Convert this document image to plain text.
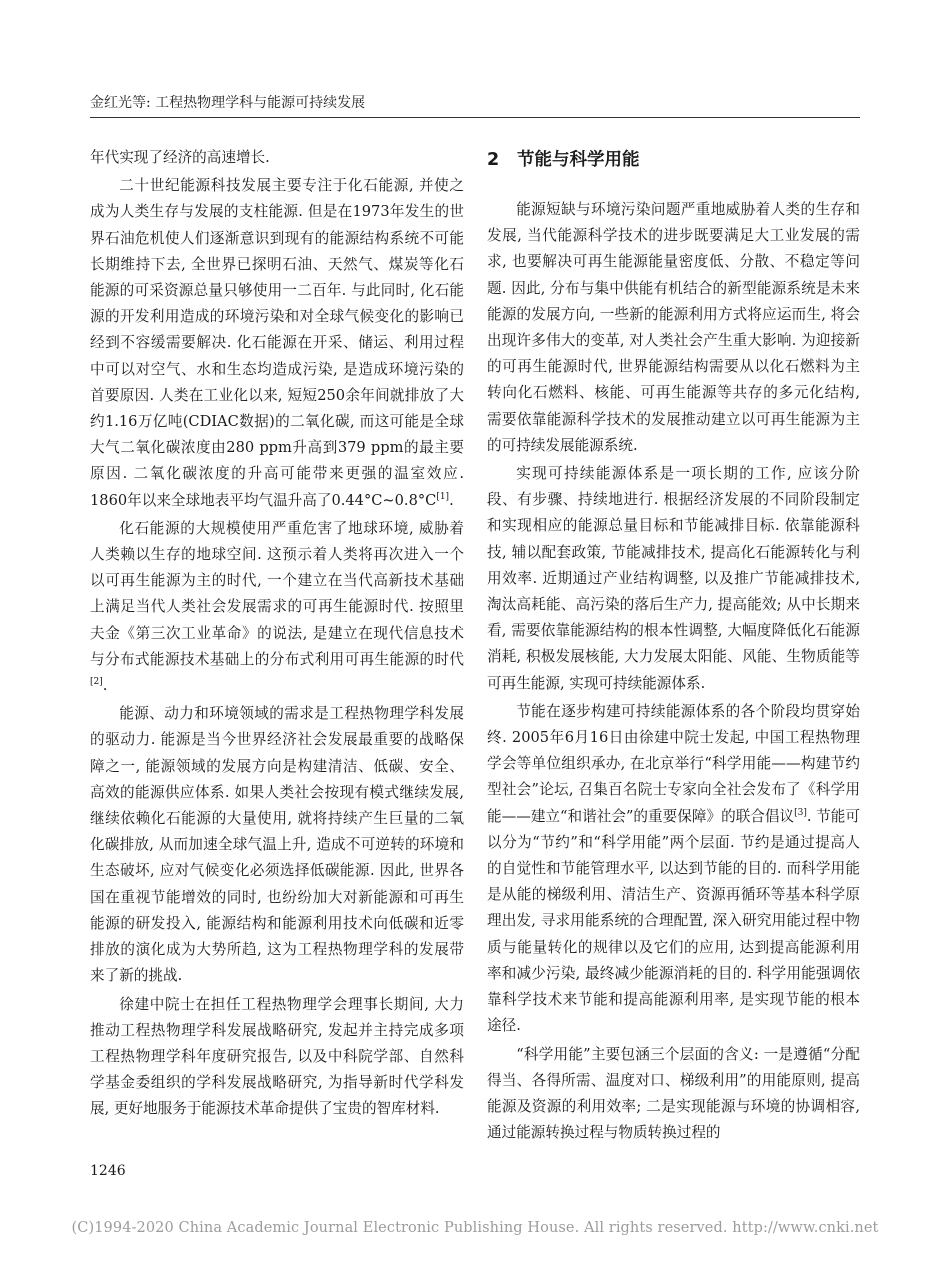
金红光等: 工程热物理学科与能源可持续发展

年代实现了经济的高速增长.

二十世纪能源科技发展主要专注于化石能源, 并使之成为人类生存与发展的支柱能源. 但是在1973年发生的世界石油危机使人们逐渐意识到现有的能源结构系统不可能长期维持下去, 全世界已探明石油、天然气、煤炭等化石能源的可采资源总量只够使用一二百年. 与此同时, 化石能源的开发利用造成的环境污染和对全球气候变化的影响已经到不容缓需要解决. 化石能源在开采、储运、利用过程中可以对空气、水和生态均造成污染, 是造成环境污染的首要原因. 人类在工业化以来, 短短250余年间就排放了大约1.16万亿吨(CDIAC数据)的二氧化碳, 而这可能是全球大气二氧化碳浓度由280 ppm升高到379 ppm的最主要原因. 二氧化碳浓度的升高可能带来更强的温室效应. 1860年以来全球地表平均气温升高了0.44°C~0.8°C[1].

化石能源的大规模使用严重危害了地球环境, 威胁着人类赖以生存的地球空间. 这预示着人类将再次进入一个以可再生能源为主的时代, 一个建立在当代高新技术基础上满足当代人类社会发展需求的可再生能源时代. 按照里夫金《第三次工业革命》的说法, 是建立在现代信息技术与分布式能源技术基础上的分布式利用可再生能源的时代[2].

能源、动力和环境领域的需求是工程热物理学科发展的驱动力. 能源是当今世界经济社会发展最重要的战略保障之一, 能源领域的发展方向是构建清洁、低碳、安全、高效的能源供应体系. 如果人类社会按现有模式继续发展, 继续依赖化石能源的大量使用, 就将持续产生巨量的二氧化碳排放, 从而加速全球气温上升, 造成不可逆转的环境和生态破坏, 应对气候变化必须选择低碳能源. 因此, 世界各国在重视节能增效的同时, 也纷纷加大对新能源和可再生能源的研发投入, 能源结构和能源利用技术向低碳和近零排放的演化成为大势所趋, 这为工程热物理学科的发展带来了新的挑战.

徐建中院士在担任工程热物理学会理事长期间, 大力推动工程热物理学科发展战略研究, 发起并主持完成多项工程热物理学科年度研究报告, 以及中科院学部、自然科学基金委组织的学科发展战略研究, 为指导新时代学科发展, 更好地服务于能源技术革命提供了宝贵的智库材料.

2 节能与科学用能

能源短缺与环境污染问题严重地威胁着人类的生存和发展, 当代能源科学技术的进步既要满足大工业发展的需求, 也要解决可再生能源能量密度低、分散、不稳定等问题. 因此, 分布与集中供能有机结合的新型能源系统是未来能源的发展方向, 一些新的能源利用方式将应运而生, 将会出现许多伟大的变革, 对人类社会产生重大影响. 为迎接新的可再生能源时代, 世界能源结构需要从以化石燃料为主转向化石燃料、核能、可再生能源等共存的多元化结构, 需要依靠能源科学技术的发展推动建立以可再生能源为主的可持续发展能源系统.

实现可持续能源体系是一项长期的工作, 应该分阶段、有步骤、持续地进行. 根据经济发展的不同阶段制定和实现相应的能源总量目标和节能减排目标. 依靠能源科技, 辅以配套政策, 节能减排技术, 提高化石能源转化与利用效率. 近期通过产业结构调整, 以及推广节能减排技术, 淘汰高耗能、高污染的落后生产力, 提高能效; 从中长期来看, 需要依靠能源结构的根本性调整, 大幅度降低化石能源消耗, 积极发展核能, 大力发展太阳能、风能、生物质能等可再生能源, 实现可持续能源体系.

节能在逐步构建可持续能源体系的各个阶段均贯穿始终. 2005年6月16日由徐建中院士发起, 中国工程热物理学会等单位组织承办, 在北京举行“科学用能——构建节约型社会”论坛, 召集百名院士专家向全社会发布了《科学用能——建立“和谐社会”的重要保障》的联合倡议[3]. 节能可以分为“节约”和“科学用能”两个层面. 节约是通过提高人的自觉性和节能管理水平, 以达到节能的目的. 而科学用能是从能的梯级利用、清洁生产、资源再循环等基本科学原理出发, 寻求用能系统的合理配置, 深入研究用能过程中物质与能量转化的规律以及它们的应用, 达到提高能源利用率和减少污染, 最终减少能源消耗的目的. 科学用能强调依靠科学技术来节能和提高能源利用率, 是实现节能的根本途径.

“科学用能”主要包涵三个层面的含义: 一是遵循“分配得当、各得所需、温度对口、梯级利用”的用能原则, 提高能源及资源的利用效率; 二是实现能源与环境的协调相容, 通过能源转换过程与物质转换过程的

1246
(C)1994-2020 China Academic Journal Electronic Publishing House. All rights reserved. http://www.cnki.net
